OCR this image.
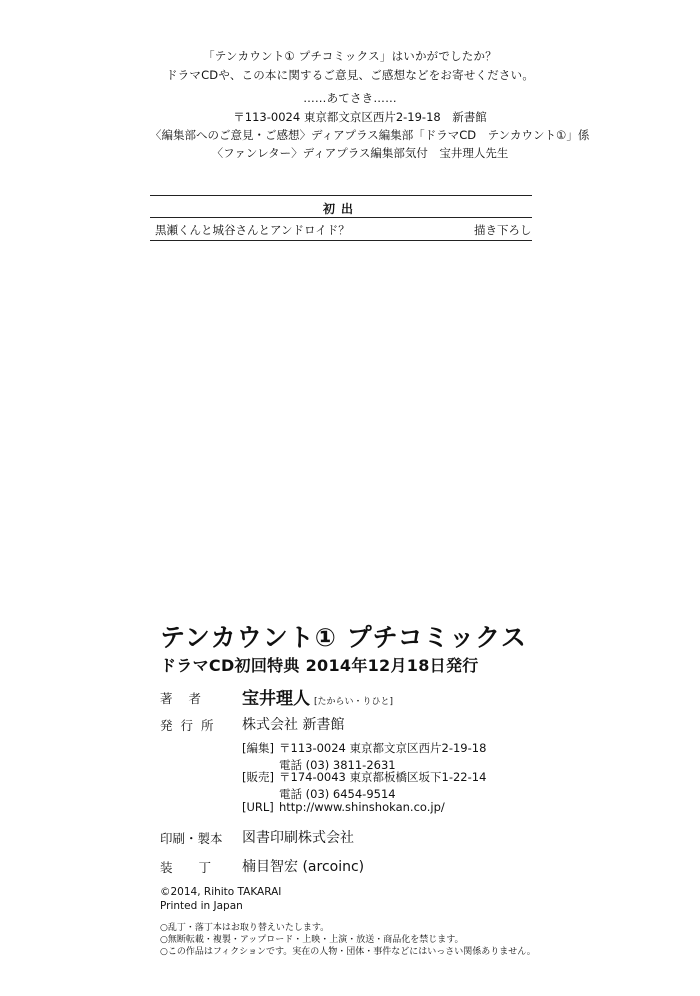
「テンカウント① プチコミックス」はいかがでしたか？
ドラマCDや、この本に関するご意見、ご感想などをお寄せください。
……あてさき……
〒113-0024 東京都文京区西片2-19-18　新書館
〈編集部へのご意見・ご感想〉ディアプラス編集部「ドラマCD　テンカウント①」係
〈ファンレター〉ディアプラス編集部気付　宝井理人先生
初出
黒瀬くんと城谷さんとアンドロイド？	描き下ろし
テンカウント① プチコミックス
ドラマCD初回特典 2014年12月18日発行
著者 宝井理人 [たからい・りひと]
発行所 株式会社 新書館
[編集] 〒113-0024 東京都文京区西片2-19-18
電話 (03) 3811-2631
[販売] 〒174-0043 東京都板橋区坂下1-22-14
電話 (03) 6454-9514
[URL] http://www.shinshokan.co.jp/
印刷・製本 図書印刷株式会社
装丁 楠目智宏 (arcoinc)
©2014, Rihito TAKARAI
Printed in Japan
○乱丁・落丁本はお取り替えいたします。
○無断転載・複製・アップロード・上映・上演・放送・商品化を禁じます。
○この作品はフィクションです。実在の人物・団体・事件などにはいっさい関係ありません。
